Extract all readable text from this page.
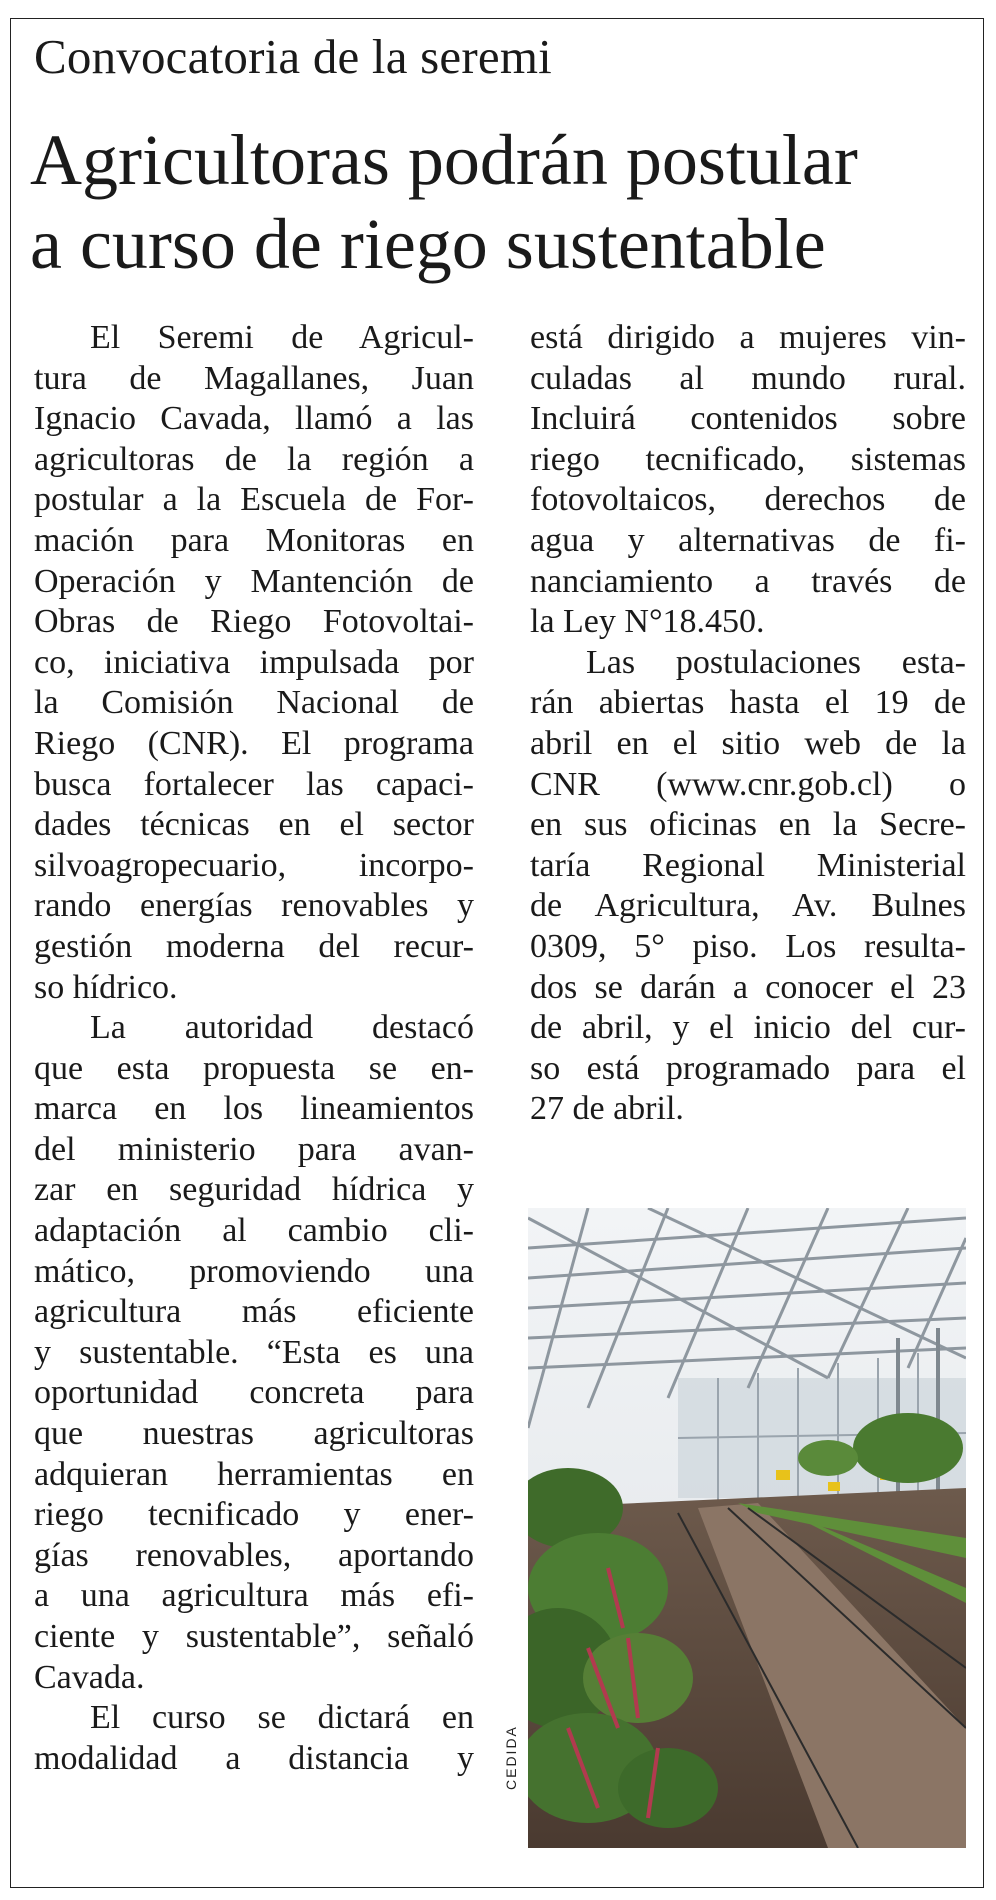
Convocatoria de la seremi
Agricultoras podrán postular
a curso de riego sustentable
El Seremi de Agricul-
tura de Magallanes, Juan
Ignacio Cavada, llamó a las
agricultoras de la región a
postular a la Escuela de For-
mación para Monitoras en
Operación y Mantención de
Obras de Riego Fotovoltai-
co, iniciativa impulsada por
la Comisión Nacional de
Riego (CNR). El programa
busca fortalecer las capaci-
dades técnicas en el sector
silvoagropecuario, incorpo-
rando energías renovables y
gestión moderna del recur-
so hídrico.
La autoridad destacó
que esta propuesta se en-
marca en los lineamientos
del ministerio para avan-
zar en seguridad hídrica y
adaptación al cambio cli-
mático, promoviendo una
agricultura más eficiente
y sustentable. “Esta es una
oportunidad concreta para
que nuestras agricultoras
adquieran herramientas en
riego tecnificado y ener-
gías renovables, aportando
a una agricultura más efi-
ciente y sustentable”, señaló
Cavada.
El curso se dictará en
modalidad a distancia y
está dirigido a mujeres vin-
culadas al mundo rural.
Incluirá contenidos sobre
riego tecnificado, sistemas
fotovoltaicos, derechos de
agua y alternativas de fi-
nanciamiento a través de
la Ley N°18.450.
Las postulaciones esta-
rán abiertas hasta el 19 de
abril en el sitio web de la
CNR (www.cnr.gob.cl) o
en sus oficinas en la Secre-
taría Regional Ministerial
de Agricultura, Av. Bulnes
0309, 5° piso. Los resulta-
dos se darán a conocer el 23
de abril, y el inicio del cur-
so está programado para el
27 de abril.
CEDIDA
